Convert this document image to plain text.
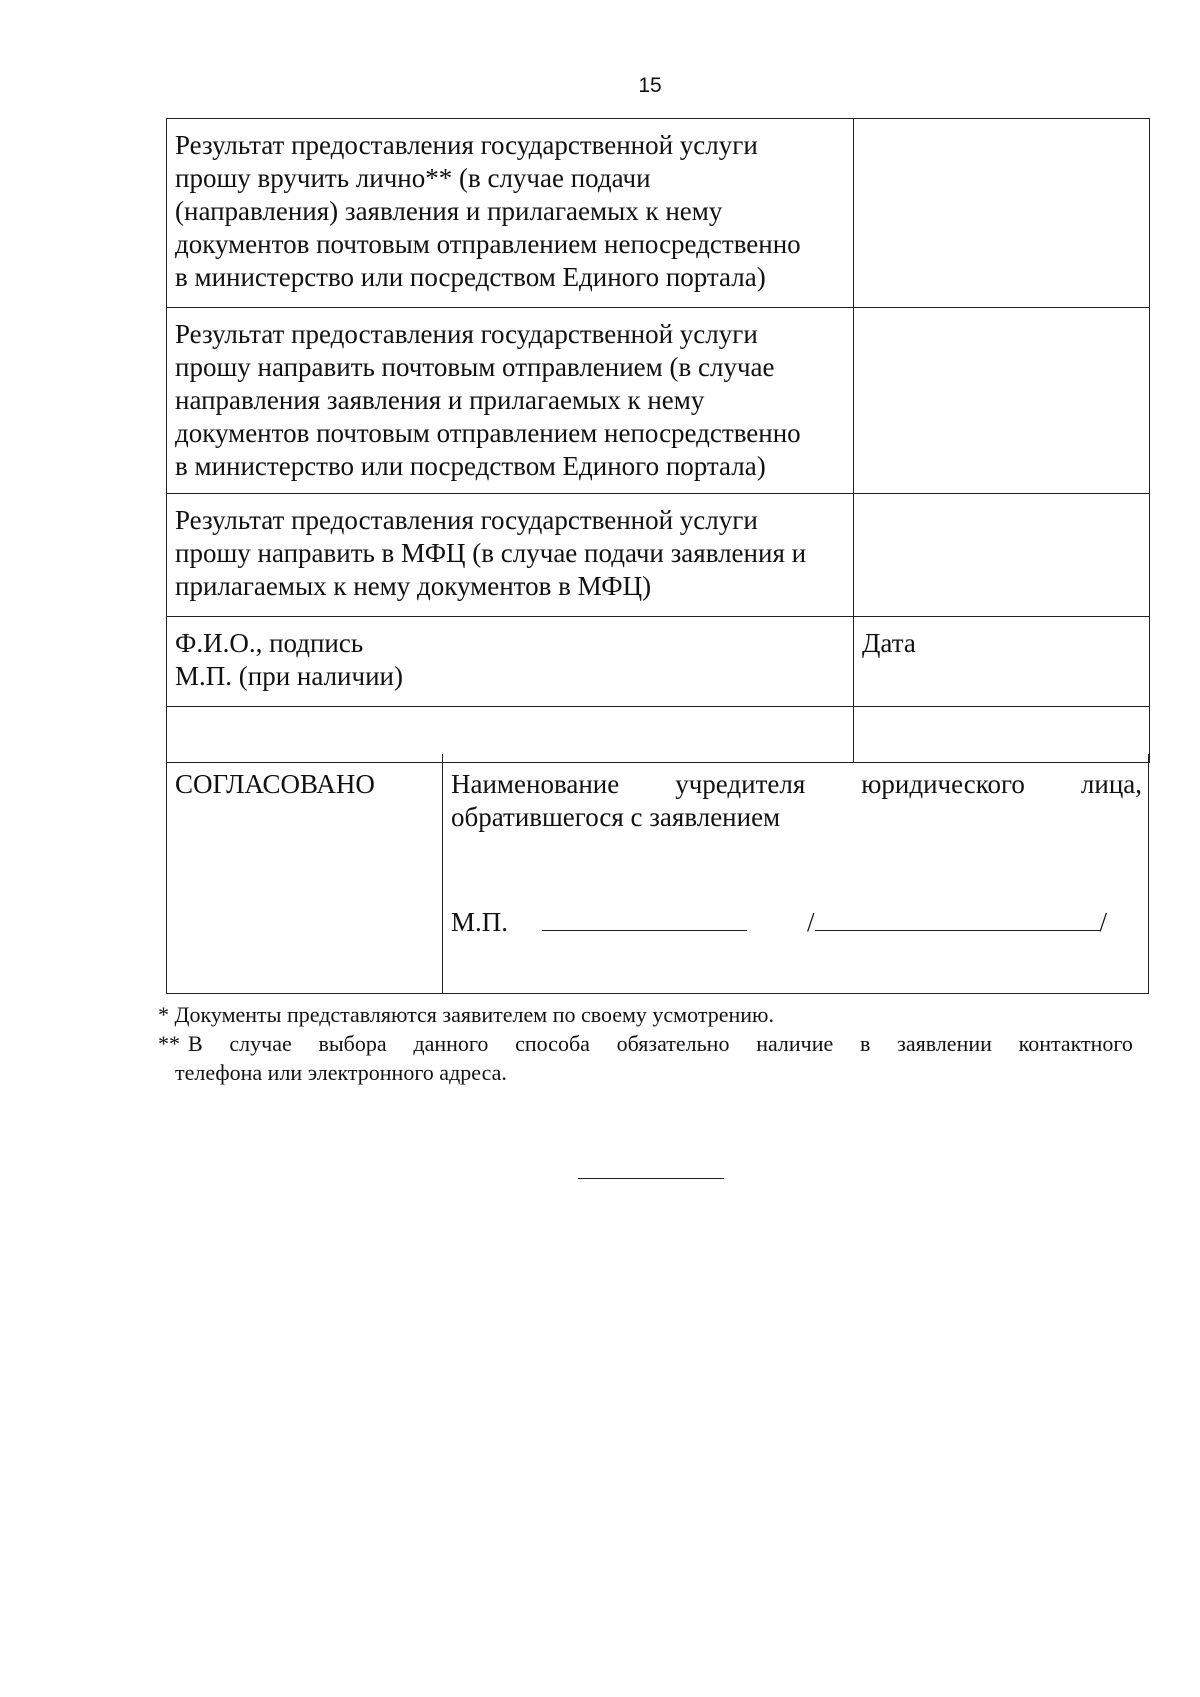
15
Результат предоставления государственной услуги
прошу вручить лично** (в случае подачи
(направления) заявления и прилагаемых к нему
документов почтовым отправлением непосредственно
в министерство или посредством Единого портала)	

Результат предоставления государственной услуги
прошу направить почтовым отправлением (в случае
направления заявления и прилагаемых к нему
документов почтовым отправлением непосредственно
в министерство или посредством Единого портала)	

Результат предоставления государственной услуги
прошу направить в МФЦ (в случае подачи заявления и
прилагаемых к нему документов в МФЦ)	

Ф.И.О., подпись
М.П. (при наличии)	Дата

СОГЛАСОВАНО	Наименование учредителя юридического лица,
обратившегося с заявлением
М.П.	/	/
* Документы представляются заявителем по своему усмотрению.
** В случае выбора данного способа обязательно наличие в заявлении контактного
телефона или электронного адреса.
